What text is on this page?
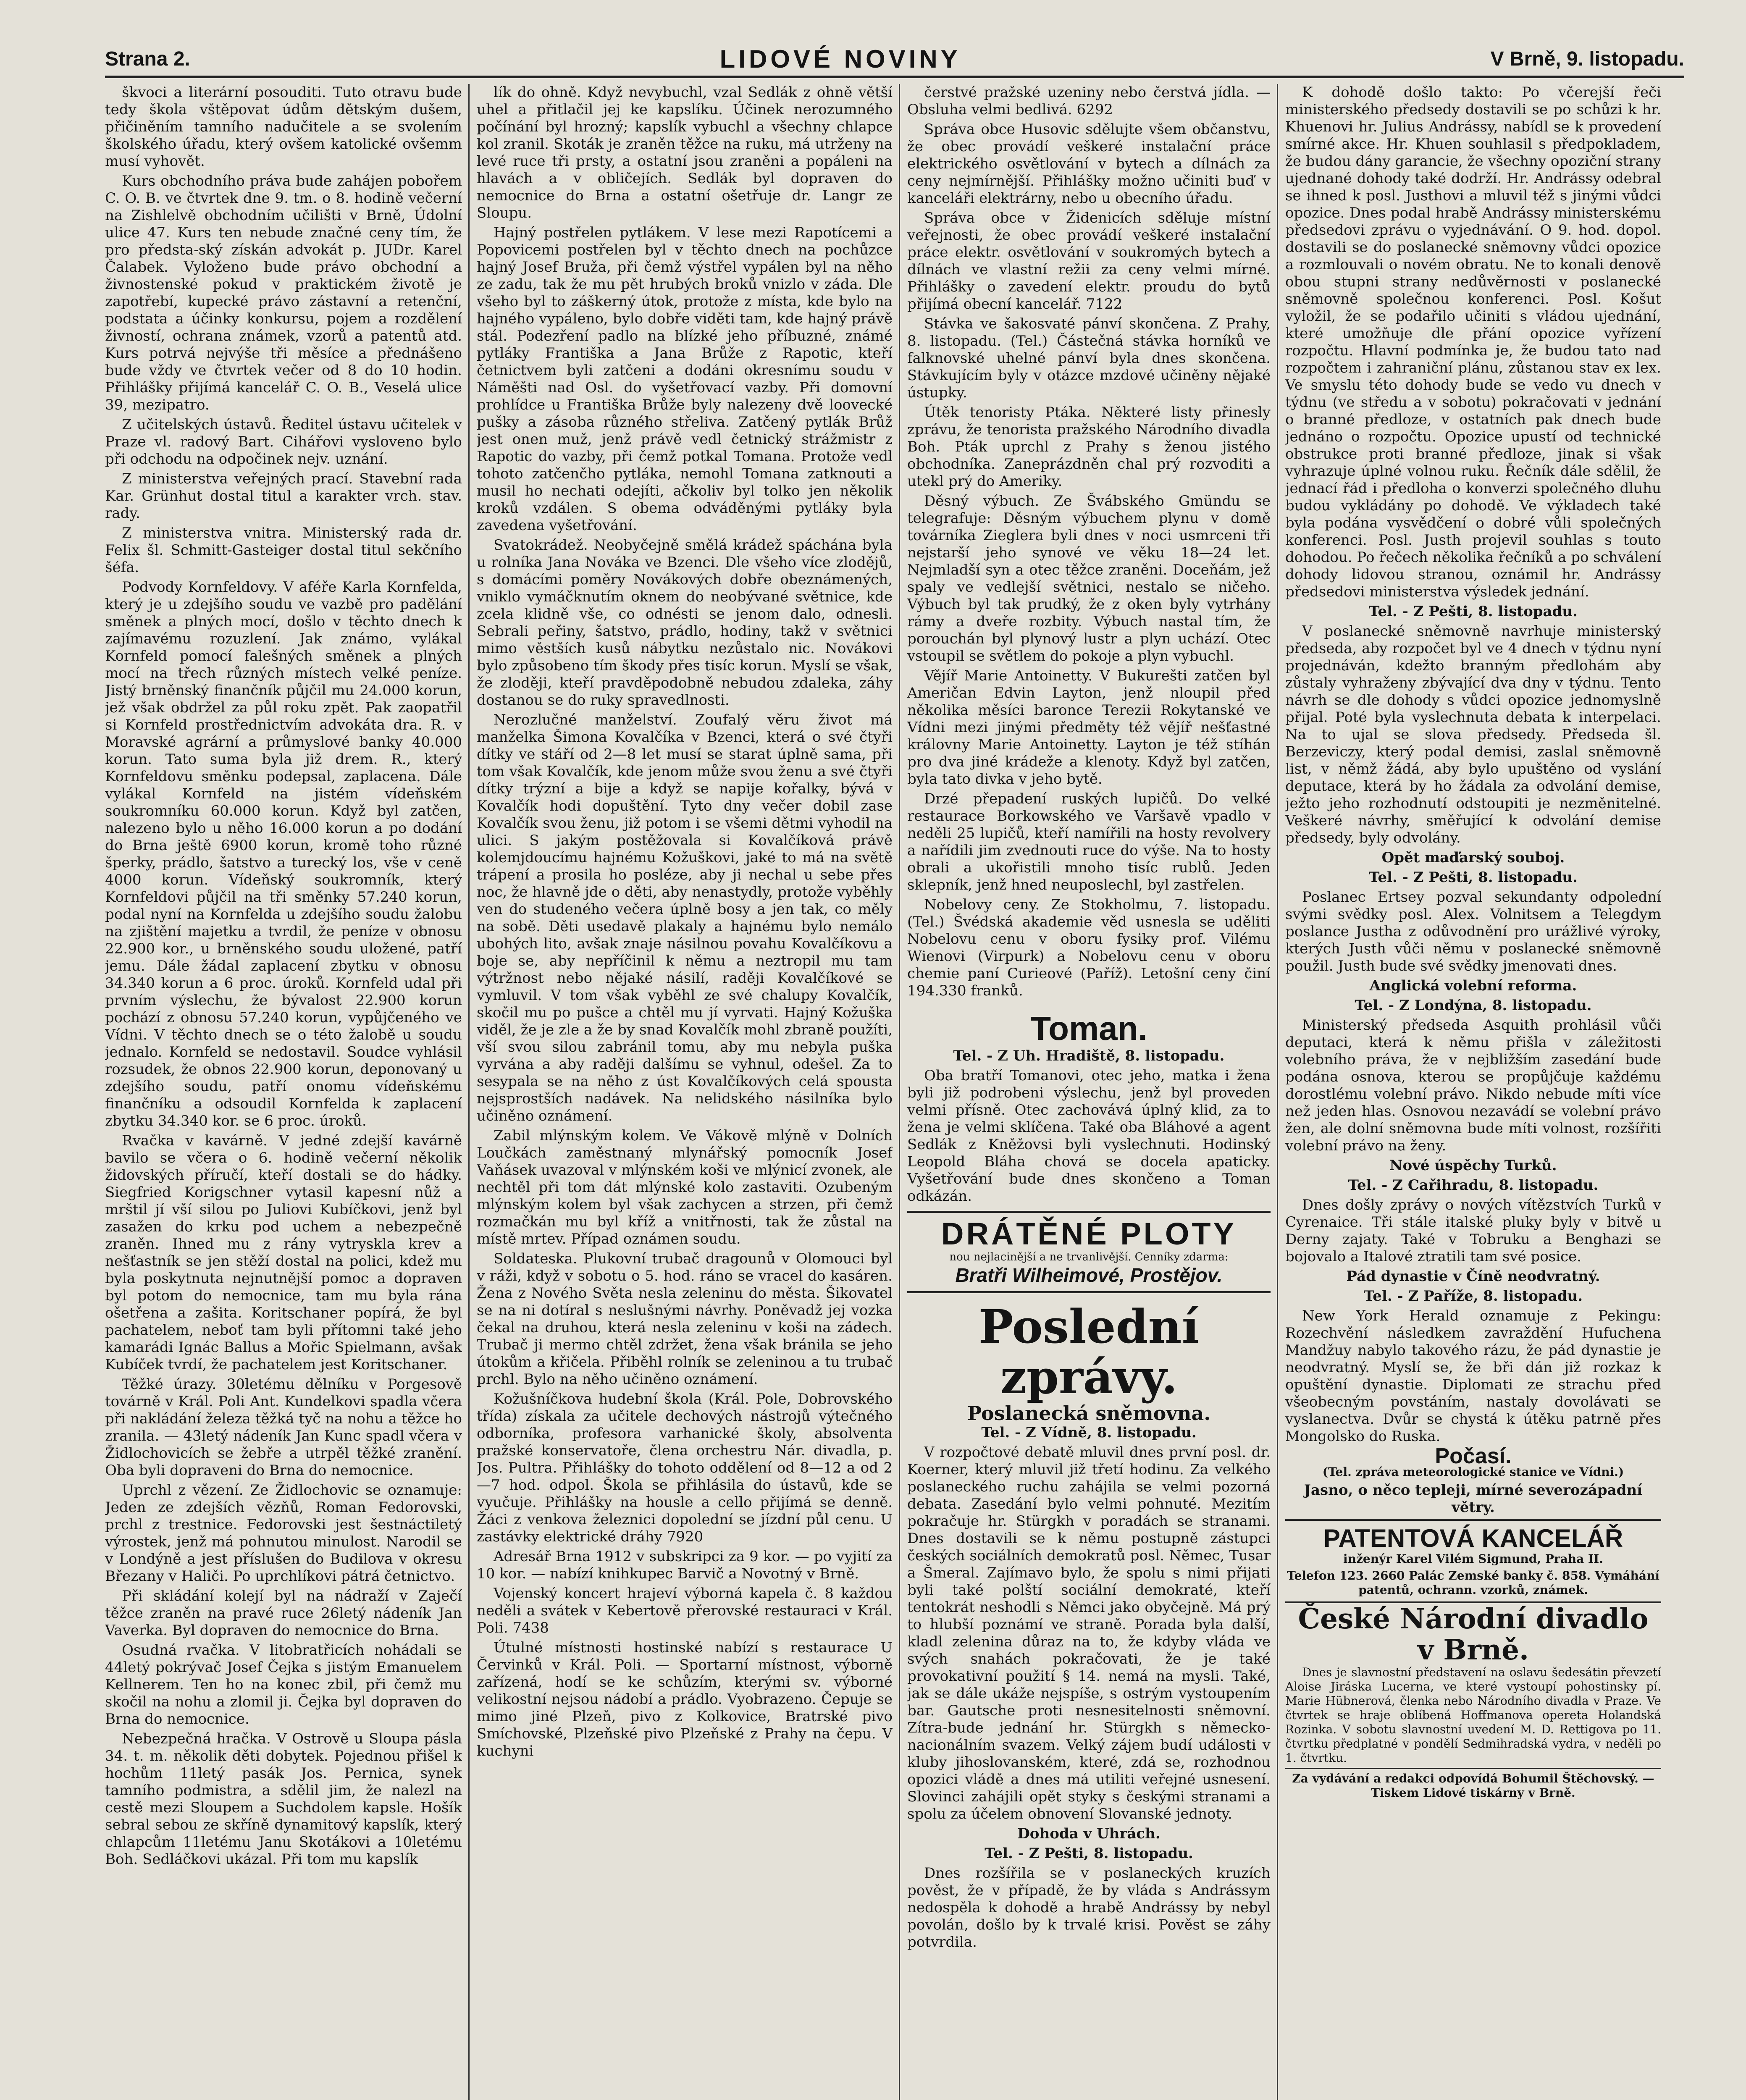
Strana 2.	LIDOVÉ NOVINY	V Brně, 9. listopadu.

škvoci a literární posouditi. Tuto otravu bude tedy škola vštěpovat údům dětským dušem, přičiněním tamního nadučitele a se svolením školského úřadu, který ovšem katolické ovšemm musí vyhovět.

Kurs obchodního práva bude zahájen pobořem C. O. B. ve čtvrtek dne 9. tm. o 8. hodině večerní na Zishlelvě obchodním učilišti v Brně, Údolní ulice 47. Kurs ten nebude značné ceny tím, že pro předsta-ský získán advokát p. JUDr. Karel Čalabek. Vyloženo bude právo obchodní a živnostenské pokud v praktickém životě je zapotřebí, kupecké právo zástavní a retenční, podstata a účinky konkursu, pojem a rozdělení živností, ochrana známek, vzorů a patentů atd. Kurs potrvá nejvýše tři měsíce a přednášeno bude vždy ve čtvrtek večer od 8 do 10 hodin. Přihlášky přijímá kancelář C. O. B., Veselá ulice 39, mezipatro.

Z učitelských ústavů. Ředitel ústavu učitelek v Praze vl. radový Bart. Cihářovi vysloveno bylo při odchodu na odpočinek nejv. uznání.

Z ministerstva veřejných prací. Stavební rada Kar. Grünhut dostal titul a karakter vrch. stav. rady.

Z ministerstva vnitra. Ministerský rada dr. Felix šl. Schmitt-Gasteiger dostal titul sekčního šéfa.

Podvody Kornfeldovy. V aféře Karla Kornfelda, který je u zdejšího soudu ve vazbě pro padělání směnek a plných mocí, došlo v těchto dnech k zajímavému rozuzlení. Jak známo, vylákal Kornfeld pomocí falešných směnek a plných mocí na třech různých místech velké peníze. Jistý brněnský finančník půjčil mu 24.000 korun, jež však obdržel za půl roku zpět. Pak zaopatřil si Kornfeld prostřednictvím advokáta dra. R. v Moravské agrární a průmyslové banky 40.000 korun. Tato suma byla již drem. R., který Kornfeldovu směnku podepsal, zaplacena. Dále vylákal Kornfeld na jistém vídeňském soukromníku 60.000 korun. Když byl zatčen, nalezeno bylo u něho 16.000 korun a po dodání do Brna ještě 6900 korun, kromě toho různé šperky, prádlo, šatstvo a turecký los, vše v ceně 4000 korun. Vídeňský soukromník, který Kornfeldovi půjčil na tři směnky 57.240 korun, podal nyní na Kornfelda u zdejšího soudu žalobu na zjištění majetku a tvrdil, že peníze v obnosu 22.900 kor., u brněnského soudu uložené, patří jemu. Dále žádal zaplacení zbytku v obnosu 34.340 korun a 6 proc. úroků. Kornfeld udal při prvním výslechu, že bývalost 22.900 korun pochází z obnosu 57.240 korun, vypůjčeného ve Vídni. V těchto dnech se o této žalobě u soudu jednalo. Kornfeld se nedostavil. Soudce vyhlásil rozsudek, že obnos 22.900 korun, deponovaný u zdejšího soudu, patří onomu vídeňskému finančníku a odsoudil Kornfelda k zaplacení zbytku 34.340 kor. se 6 proc. úroků.

Rvačka v kavárně. V jedné zdejší kavárně bavilo se včera o 6. hodině večerní několik židovských příručí, kteří dostali se do hádky. Siegfried Korigschner vytasil kapesní nůž a mrštil jí vší silou po Juliovi Kubíčkovi, jenž byl zasažen do krku pod uchem a nebezpečně zraněn. Ihned mu z rány vytryskla krev a nešťastník se jen stěží dostal na polici, kdež mu byla poskytnuta nejnutnější pomoc a dopraven byl potom do nemocnice, tam mu byla rána ošetřena a zašita. Koritschaner popírá, že byl pachatelem, neboť tam byli přítomni také jeho kamarádi Ignác Ballus a Mořic Spielmann, avšak Kubíček tvrdí, že pachatelem jest Koritschaner.

Těžké úrazy. 30letému dělníku v Porgesově továrně v Král. Poli Ant. Kundelkovi spadla včera při nakládání železa těžká tyč na nohu a těžce ho zranila. — 43letý nádeník Jan Kunc spadl včera v Židlochovicích se žebře a utrpěl těžké zranění. Oba byli dopraveni do Brna do nemocnice.

Uprchl z vězení. Ze Židlochovic se oznamuje: Jeden ze zdejších vězňů, Roman Fedorovski, prchl z trestnice. Fedorovski jest šestnáctiletý výrostek, jenž má pohnutou minulost. Narodil se v Londýně a jest příslušen do Budilova v okresu Březany v Haliči. Po uprchlíkovi pátrá četnictvo.

Při skládání kolejí byl na nádraží v Zaječí těžce zraněn na pravé ruce 26letý nádeník Jan Vaverka. Byl dopraven do nemocnice do Brna.

Osudná rvačka. V litobratřicích nohádali se 44letý pokrývač Josef Čejka s jistým Emanuelem Kellnerem. Ten ho na konec zbil, při čemž mu skočil na nohu a zlomil ji. Čejka byl dopraven do Brna do nemocnice.

Nebezpečná hračka. V Ostrově u Sloupa pásla 34. t. m. několik děti dobytek. Pojednou přišel k hochům 11letý pasák Jos. Pernica, synek tamního podmistra, a sdělil jim, že nalezl na cestě mezi Sloupem a Suchdolem kapsle. Hošík sebral sebou ze skříně dynamitový kapslík, který chlapcům 11letému Janu Skotákovi a 10letému Boh. Sedláčkovi ukázal. Při tom mu kapslík

lík do ohně. Když nevybuchl, vzal Sedlák z ohně větší uhel a přitlačil jej ke kapslíku. Účinek nerozumného počínání byl hrozný; kapslík vybuchl a všechny chlapce kol zranil. Skoták je zraněn těžce na ruku, má utrženy na levé ruce tři prsty, a ostatní jsou zraněni a popáleni na hlavách a v obličejích. Sedlák byl dopraven do nemocnice do Brna a ostatní ošetřuje dr. Langr ze Sloupu.

Hajný postřelen pytlákem. V lese mezi Rapotícemi a Popovicemi postřelen byl v těchto dnech na pochůzce hajný Josef Bruža, při čemž výstřel vypálen byl na něho ze zadu, tak že mu pět hrubých broků vnizlo v záda. Dle všeho byl to záškerný útok, protože z místa, kde bylo na hajného vypáleno, bylo dobře viděti tam, kde hajný právě stál. Podezření padlo na blízké jeho příbuzné, známé pytláky Františka a Jana Brůže z Rapotic, kteří četnictvem byli zatčeni a dodáni okresnímu soudu v Náměšti nad Osl. do vyšetřovací vazby. Při domovní prohlídce u Františka Brůže byly nalezeny dvě loovecké pušky a zásoba různého střeliva. Zatčený pytlák Brůž jest onen muž, jenž právě vedl četnický strážmistr z Rapotic do vazby, při čemž potkal Tomana. Protože vedl tohoto zatčenčho pytláka, nemohl Tomana zatknouti a musil ho nechati odejíti, ačkoliv byl tolko jen několik kroků vzdálen. S obema odváděnými pytláky byla zavedena vyšetřování.

Svatokrádež. Neobyčejně smělá krádež spáchána byla u rolníka Jana Nováka ve Bzenci. Dle všeho více zlodějů, s domácími poměry Novákových dobře obeznámených, vniklo vymáčknutím oknem do neobývané světnice, kde zcela klidně vše, co odnésti se jenom dalo, odnesli. Sebrali peřiny, šatstvo, prádlo, hodiny, takž v světnici mimo věstších kusů nábytku nezůstalo nic. Novákovi bylo způsobeno tím škody přes tisíc korun. Myslí se však, že zloději, kteří pravděpodobně nebudou zdaleka, záhy dostanou se do ruky spravedlnosti.

Nerozlučné manželství. Zoufalý věru život má manželka Šimona Kovalčíka v Bzenci, která o své čtyři dítky ve stáří od 2—8 let musí se starat úplně sama, při tom však Kovalčík, kde jenom může svou ženu a své čtyři dítky trýzní a bije a když se napije kořalky, bývá v Kovalčík hodi dopuštění. Tyto dny večer dobil zase Kovalčík svou ženu, již potom i se všemi dětmi vyhodil na ulici. S jakým postěžovala si Kovalčíková právě kolemjdoucímu hajnému Kožuškovi, jaké to má na světě trápení a prosila ho posléze, aby ji nechal u sebe přes noc, že hlavně jde o děti, aby nenastydly, protože vyběhly ven do studeného večera úplně bosy a jen tak, co měly na sobě. Děti usedavě plakaly a hajnému bylo nemálo ubohých lito, avšak znaje násilnou povahu Kovalčíkovu a boje se, aby nepříčinil k němu a neztropil mu tam výtržnost nebo nějaké násilí, raději Kovalčíkové se vymluvil. V tom však vyběhl ze své chalupy Kovalčík, skočil mu po pušce a chtěl mu jí vyrvati. Hajný Kožuška viděl, že je zle a že by snad Kovalčík mohl zbraně použíti, vší svou silou zabránil tomu, aby mu nebyla puška vyrvána a aby raději dalšímu se vyhnul, odešel. Za to sesypala se na něho z úst Kovalčíkových celá spousta nejsprostších nadávek. Na nelidského násilníka bylo učiněno oznámení.

Zabil mlýnským kolem. Ve Vákově mlýně v Dolních Loučkách zaměstnaný mlynářský pomocník Josef Vaňásek uvazoval v mlýnském koši ve mlýnicí zvonek, ale nechtěl při tom dát mlýnské kolo zastaviti. Ozubeným mlýnským kolem byl však zachycen a strzen, při čemž rozmačkán mu byl kříž a vnitřnosti, tak že zůstal na místě mrtev. Případ oznámen soudu.

Soldateska. Plukovní trubač dragounů v Olomouci byl v ráži, když v sobotu o 5. hod. ráno se vracel do kasáren. Žena z Nového Světa nesla zeleninu do města. Šikovatel se na ni dotíral s neslušnými návrhy. Poněvadž jej vozka čekal na druhou, která nesla zeleninu v koši na zádech. Trubač ji mermo chtěl zdržet, žena však bránila se jeho útokům a křičela. Přiběhl rolník se zeleninou a tu trubač prchl. Bylo na něho učiněno oznámení.

Kožušníčkova hudební škola (Král. Pole, Dobrovského třída) získala za učitele dechových nástrojů výtečného odborníka, profesora varhanické školy, absolventa pražské konservatoře, člena orchestru Nár. divadla, p. Jos. Pultra. Přihlášky do tohoto oddělení od 8—12 a od 2—7 hod. odpol. Škola se přihlásila do ústavů, kde se vyučuje. Přihlášky na housle a cello přijímá se denně. Žáci z venkova železnici dopolední se jízdní půl cenu. U zastávky elektrické dráhy 7920

Adresář Brna 1912 v subskripci za 9 kor. — po vyjití za 10 kor. — nabízí knihkupec Barvič a Novotný v Brně.

Vojenský koncert hrajeví výborná kapela č. 8 každou neděli a svátek v Kebertově přerovské restauraci v Král. Poli. 7438

Útulné místnosti hostinské nabízí s restaurace U Červinků v Král. Poli. — Sportarní místnost, výborně zařízená, hodí se ke schůzím, kterými sv. výborné velikostní nejsou nádobí a prádlo. Vyobrazeno. Čepuje se mimo jiné Plzeň, pivo z Kolkovice, Bratrské pivo Smíchovské, Plzeňské pivo Plzeňské z Prahy na čepu. V kuchyni

čerstvé pražské uzeniny nebo čerstvá jídla. — Obsluha velmi bedlivá. 6292

Správa obce Husovic sdělujte všem občanstvu, že obec provádí veškeré instalační práce elektrického osvětlování v bytech a dílnách za ceny nejmírnější. Přihlášky možno učiniti buď v kanceláři elektrárny, nebo u obecního úřadu.

Správa obce v Židenicích sděluje místní veřejnosti, že obec provádí veškeré instalační práce elektr. osvětlování v soukromých bytech a dílnách ve vlastní režii za ceny velmi mírné. Přihlášky o zavedení elektr. proudu do bytů přijímá obecní kancelář. 7122

Stávka ve šakosvaté pánví skončena. Z Prahy, 8. listopadu. (Tel.) Částečná stávka horníků ve falknovské uhelné pánví byla dnes skončena. Stávkujícím byly v otázce mzdové učiněny nějaké ústupky.

Útěk tenoristy Ptáka. Některé listy přinesly zprávu, že tenorista pražského Národního divadla Boh. Pták uprchl z Prahy s ženou jistého obchodníka. Zaneprázdněn chal prý rozvoditi a utekl prý do Ameriky.

Děsný výbuch. Ze Švábského Gmündu se telegrafuje: Děsným výbuchem plynu v domě továrníka Zieglera byli dnes v noci usmrceni tři nejstarší jeho synové ve věku 18—24 let. Nejmladší syn a otec těžce zraněni. Doceňám, jež spaly ve vedlejší světnici, nestalo se ničeho. Výbuch byl tak prudký, že z oken byly vytrhány rámy a dveře rozbity. Výbuch nastal tím, že porouchán byl plynový lustr a plyn uchází. Otec vstoupil se světlem do pokoje a plyn vybuchl.

Vějíř Marie Antoinetty. V Bukurešti zatčen byl Američan Edvin Layton, jenž nloupil před několika měsíci baronce Terezii Rokytanské ve Vídni mezi jinými předměty též vějíř nešťastné královny Marie Antoinetty. Layton je též stíhán pro dva jiné krádeže a klenoty. Když byl zatčen, byla tato divka v jeho bytě.

Drzé přepadení ruských lupičů. Do velké restaurace Borkowského ve Varšavě vpadlo v neděli 25 lupičů, kteří namířili na hosty revolvery a nařídili jim zvednouti ruce do výše. Na to hosty obrali a ukořistili mnoho tisíc rublů. Jeden sklepník, jenž hned neuposlechl, byl zastřelen.

Nobelovy ceny. Ze Stokholmu, 7. listopadu. (Tel.) Švédská akademie věd usnesla se uděliti Nobelovu cenu v oboru fysiky prof. Vilému Wienovi (Virpurk) a Nobelovu cenu v oboru chemie paní Curieové (Paříž). Letošní ceny činí 194.330 franků.

Toman.

Tel. - Z Uh. Hradiště, 8. listopadu.

Oba bratří Tomanovi, otec jeho, matka i žena byli již podrobeni výslechu, jenž byl proveden velmi přísně. Otec zachovává úplný klid, za to žena je velmi sklíčena. Také oba Bláhové a agent Sedlák z Kněžovsi byli vyslechnuti. Hodinský Leopold Bláha chová se docela apaticky. Vyšetřování bude dnes skončeno a Toman odkázán.

DRÁTĚNÉ PLOTY
nou nejlacinější a ne trvanlivější. Cenníky zdarma:
Bratři Wilheimové, Prostějov.
Poslední zprávy.
Poslanecká sněmovna.

Tel. - Z Vídně, 8. listopadu.

V rozpočtové debatě mluvil dnes první posl. dr. Koerner, který mluvil již třetí hodinu. Za velkého poslaneckého ruchu zahájila se velmi pozorná debata. Zasedání bylo velmi pohnuté. Mezitím pokračuje hr. Stürgkh v poradách se stranami. Dnes dostavili se k němu postupně zástupci českých sociálních demokratů posl. Němec, Tusar a Šmeral. Zajímavo bylo, že spolu s nimi přijati byli také polští sociální demokraté, kteří tentokrát neshodli s Němci jako obyčejně. Má prý to hlubší poznámí ve straně. Porada byla další, kladl zelenina důraz na to, že kdyby vláda ve svých snahách pokračovati, že je také provokativní použití § 14. nemá na mysli. Také, jak se dále ukáže nejspíše, s ostrým vystoupením bar. Gautsche proti nesnesitelnosti sněmovní. Zítra-bude jednání hr. Stürgkh s německo-nacionálním svazem. Velký zájem budí události v kluby jihoslovanském, které, zdá se, rozhodnou opozici vládě a dnes má utiliti veřejné usnesení. Slovinci zahájili opět styky s českými stranami a spolu za účelem obnovení Slovanské jednoty.

Dohoda v Uhrách.

Tel. - Z Pešti, 8. listopadu.

Dnes rozšířila se v poslaneckých kruzích pověst, že v případě, že by vláda s Andrássym nedospěla k dohodě a hrabě Andrássy by nebyl povolán, došlo by k trvalé krisi. Pověst se záhy potvrdila.

K dohodě došlo takto: Po včerejší řeči ministerského předsedy dostavili se po schůzi k hr. Khuenovi hr. Julius Andrássy, nabídl se k provedení smírné akce. Hr. Khuen souhlasil s předpokladem, že budou dány garancie, že všechny opoziční strany ujednané dohody také dodrží. Hr. Andrássy odebral se ihned k posl. Justhovi a mluvil též s jinými vůdci opozice. Dnes podal hrabě Andrássy ministerskému předsedovi zprávu o vyjednávání. O 9. hod. dopol. dostavili se do poslanecké sněmovny vůdci opozice a rozmlouvali o novém obratu. Ne to konali denově obou stupni strany nedůvěrnosti v poslanecké sněmovně společnou konferenci. Posl. Košut vyložil, že se podařilo učiniti s vládou ujednání, které umožňuje dle přání opozice vyřízení rozpočtu. Hlavní podmínka je, že budou tato nad rozpočtem i zahraniční plánu, zůstanou stav ex lex. Ve smyslu této dohody bude se vedo vu dnech v týdnu (ve středu a v sobotu) pokračovati v jednání o branné předloze, v ostatních pak dnech bude jednáno o rozpočtu. Opozice upustí od technické obstrukce proti branné předloze, jinak si však vyhrazuje úplné volnou ruku. Řečník dále sdělil, že jednací řád i předloha o konverzi společného dluhu budou vykládány po dohodě. Ve výkladech také byla podána vysvědčení o dobré vůli společných konferenci. Posl. Justh projevil souhlas s touto dohodou. Po řečech několika řečníků a po schválení dohody lidovou stranou, oznámil hr. Andrássy předsedovi ministerstva výsledek jednání.

Tel. - Z Pešti, 8. listopadu.

V poslanecké sněmovně navrhuje ministerský předseda, aby rozpočet byl ve 4 dnech v týdnu nyní projednáván, kdežto branným předlohám aby zůstaly vyhraženy zbývající dva dny v týdnu. Tento návrh se dle dohody s vůdci opozice jednomyslně přijal. Poté byla vyslechnuta debata k interpelaci. Na to ujal se slova předsedy. Předseda šl. Berzeviczy, který podal demisi, zaslal sněmovně list, v němž žádá, aby bylo upuštěno od vyslání deputace, která by ho žádala za odvolání demise, ježto jeho rozhodnutí odstoupiti je nezměnitelné. Veškeré návrhy, směřující k odvolání demise předsedy, byly odvolány.

Opět maďarský souboj.

Tel. - Z Pešti, 8. listopadu.

Poslanec Ertsey pozval sekundanty odpolední svými svědky posl. Alex. Volnitsem a Telegdym poslance Justha z odůvodnění pro urážlivé výroky, kterých Justh vůči němu v poslanecké sněmovně použil. Justh bude své svědky jmenovati dnes.

Anglická volební reforma.

Tel. - Z Londýna, 8. listopadu.

Ministerský předseda Asquith prohlásil vůči deputaci, která k němu přišla v záležitosti volebního práva, že v nejbližším zasedání bude podána osnova, kterou se propůjčuje každému dorostlému volební právo. Nikdo nebude míti více než jeden hlas. Osnovou nezavádí se volební právo žen, ale dolní sněmovna bude míti volnost, rozšířiti volební právo na ženy.

Nové úspěchy Turků.

Tel. - Z Cařihradu, 8. listopadu.

Dnes došly zprávy o nových vítězstvích Turků v Cyrenaice. Tři stále italské pluky byly v bitvě u Derny zajaty. Také v Tobruku a Benghazi se bojovalo a Italové ztratili tam své posice.

Pád dynastie v Číně neodvratný.

Tel. - Z Paříže, 8. listopadu.

New York Herald oznamuje z Pekingu: Rozechvění následkem zavraždění Hufuchena Mandžuy nabylo takového rázu, že pád dynastie je neodvratný. Myslí se, že bři dán již rozkaz k opuštění dynastie. Diplomati ze strachu před všeobecným povstáním, nastaly dovolávati se vyslanectva. Dvůr se chystá k útěku patrně přes Mongolsko do Ruska.

Počasí.

(Tel. zpráva meteorologické stanice ve Vídni.)

Jasno, o něco tepleji, mírné severozápadní větry.

PATENTOVÁ KANCELÁŘ

inženýr Karel Vilém Sigmund, Praha II.

Telefon 123. 2660 Palác Zemské banky č. 858. Vymáhání patentů, ochrann. vzorků, známek.

České Národní divadlo v Brně.

Dnes je slavnostní představení na oslavu šedesátin převzetí Aloise Jiráska Lucerna, ve které vystoupí pohostinsky pí. Marie Hübnerová, členka nebo Národního divadla v Praze. Ve čtvrtek se hraje oblíbená Hoffmanova opereta Holandská Rozinka. V sobotu slavnostní uvedení M. D. Rettigova po 11. čtvrtku předplatné v pondělí Sedmihradská vydra, v neděli po 1. čtvrtku.

Za vydávání a redakci odpovídá Bohumil Štěchovský. — Tiskem Lidové tiskárny v Brně.
